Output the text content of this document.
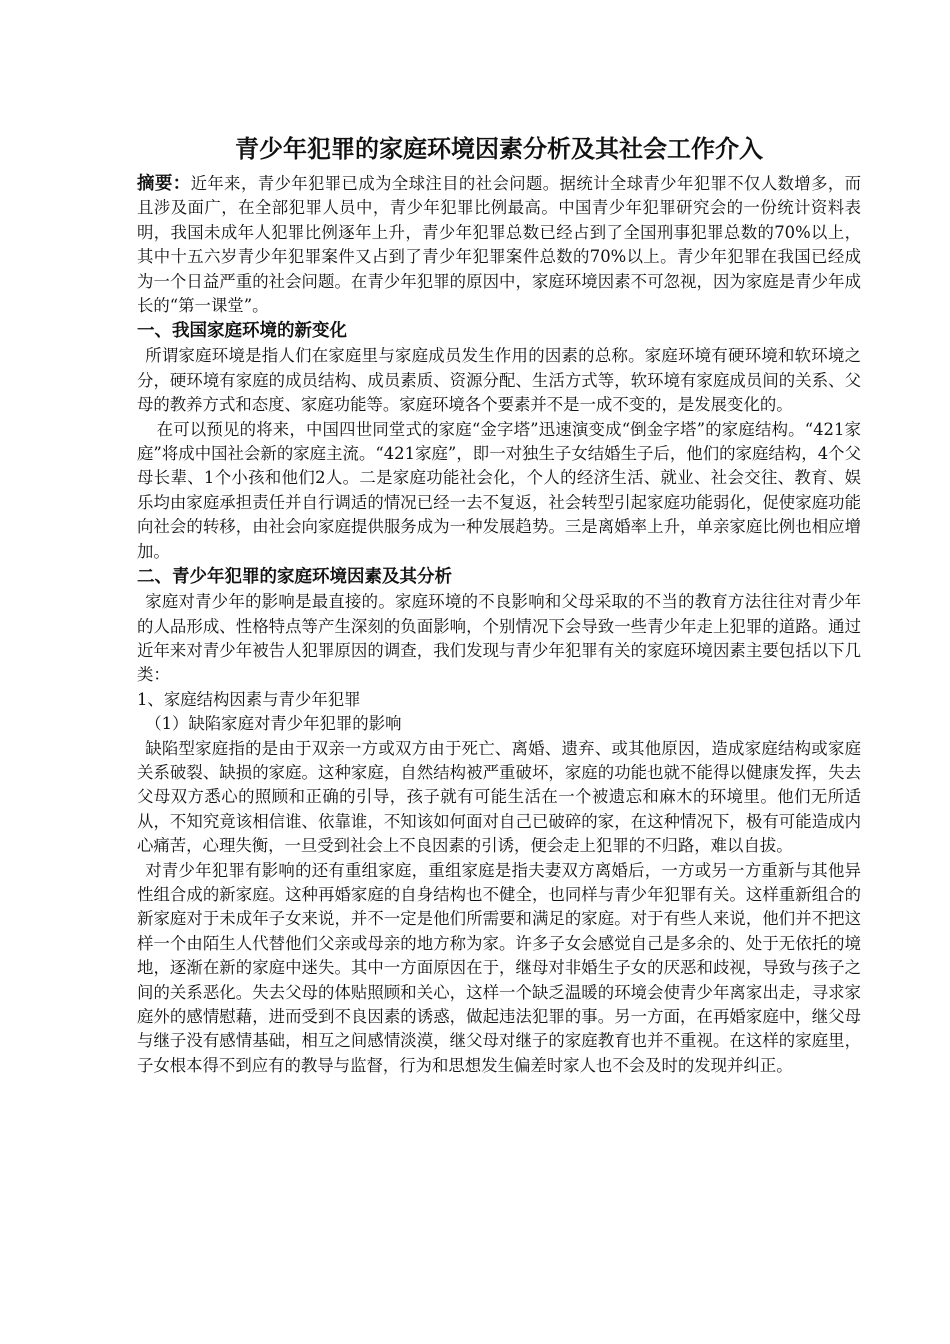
青少年犯罪的家庭环境因素分析及其社会工作介入

摘要：近年来，青少年犯罪已成为全球注目的社会问题。据统计全球青少年犯罪不仅人数增多，而且涉及面广，在全部犯罪人员中，青少年犯罪比例最高。中国青少年犯罪研究会的一份统计资料表明，我国未成年人犯罪比例逐年上升，青少年犯罪总数已经占到了全国刑事犯罪总数的70%以上，其中十五六岁青少年犯罪案件又占到了青少年犯罪案件总数的70%以上。青少年犯罪在我国已经成为一个日益严重的社会问题。在青少年犯罪的原因中，家庭环境因素不可忽视，因为家庭是青少年成长的“第一课堂”。

一、我国家庭环境的新变化

所谓家庭环境是指人们在家庭里与家庭成员发生作用的因素的总称。家庭环境有硬环境和软环境之分，硬环境有家庭的成员结构、成员素质、资源分配、生活方式等，软环境有家庭成员间的关系、父母的教养方式和态度、家庭功能等。家庭环境各个要素并不是一成不变的，是发展变化的。

在可以预见的将来，中国四世同堂式的家庭“金字塔”迅速演变成“倒金字塔”的家庭结构。“421家庭”将成中国社会新的家庭主流。“421家庭”，即一对独生子女结婚生子后，他们的家庭结构，4个父母长辈、1个小孩和他们2人。二是家庭功能社会化，个人的经济生活、就业、社会交往、教育、娱乐均由家庭承担责任并自行调适的情况已经一去不复返，社会转型引起家庭功能弱化，促使家庭功能向社会的转移，由社会向家庭提供服务成为一种发展趋势。三是离婚率上升，单亲家庭比例也相应增加。

二、青少年犯罪的家庭环境因素及其分析

家庭对青少年的影响是最直接的。家庭环境的不良影响和父母采取的不当的教育方法往往对青少年的人品形成、性格特点等产生深刻的负面影响，个别情况下会导致一些青少年走上犯罪的道路。通过近年来对青少年被告人犯罪原因的调查，我们发现与青少年犯罪有关的家庭环境因素主要包括以下几类：

1、家庭结构因素与青少年犯罪

（1）缺陷家庭对青少年犯罪的影响

缺陷型家庭指的是由于双亲一方或双方由于死亡、离婚、遗弃、或其他原因，造成家庭结构或家庭关系破裂、缺损的家庭。这种家庭，自然结构被严重破坏，家庭的功能也就不能得以健康发挥，失去父母双方悉心的照顾和正确的引导，孩子就有可能生活在一个被遗忘和麻木的环境里。他们无所适从，不知究竟该相信谁、依靠谁，不知该如何面对自己已破碎的家，在这种情况下，极有可能造成内心痛苦，心理失衡，一旦受到社会上不良因素的引诱，便会走上犯罪的不归路，难以自拔。

对青少年犯罪有影响的还有重组家庭，重组家庭是指夫妻双方离婚后，一方或另一方重新与其他异性组合成的新家庭。这种再婚家庭的自身结构也不健全，也同样与青少年犯罪有关。这样重新组合的新家庭对于未成年子女来说，并不一定是他们所需要和满足的家庭。对于有些人来说，他们并不把这样一个由陌生人代替他们父亲或母亲的地方称为家。许多子女会感觉自己是多余的、处于无依托的境地，逐渐在新的家庭中迷失。其中一方面原因在于，继母对非婚生子女的厌恶和歧视，导致与孩子之间的关系恶化。失去父母的体贴照顾和关心，这样一个缺乏温暖的环境会使青少年离家出走，寻求家庭外的感情慰藉，进而受到不良因素的诱惑，做起违法犯罪的事。另一方面，在再婚家庭中，继父母与继子没有感情基础，相互之间感情淡漠，继父母对继子的家庭教育也并不重视。在这样的家庭里，子女根本得不到应有的教导与监督，行为和思想发生偏差时家人也不会及时的发现并纠正。
